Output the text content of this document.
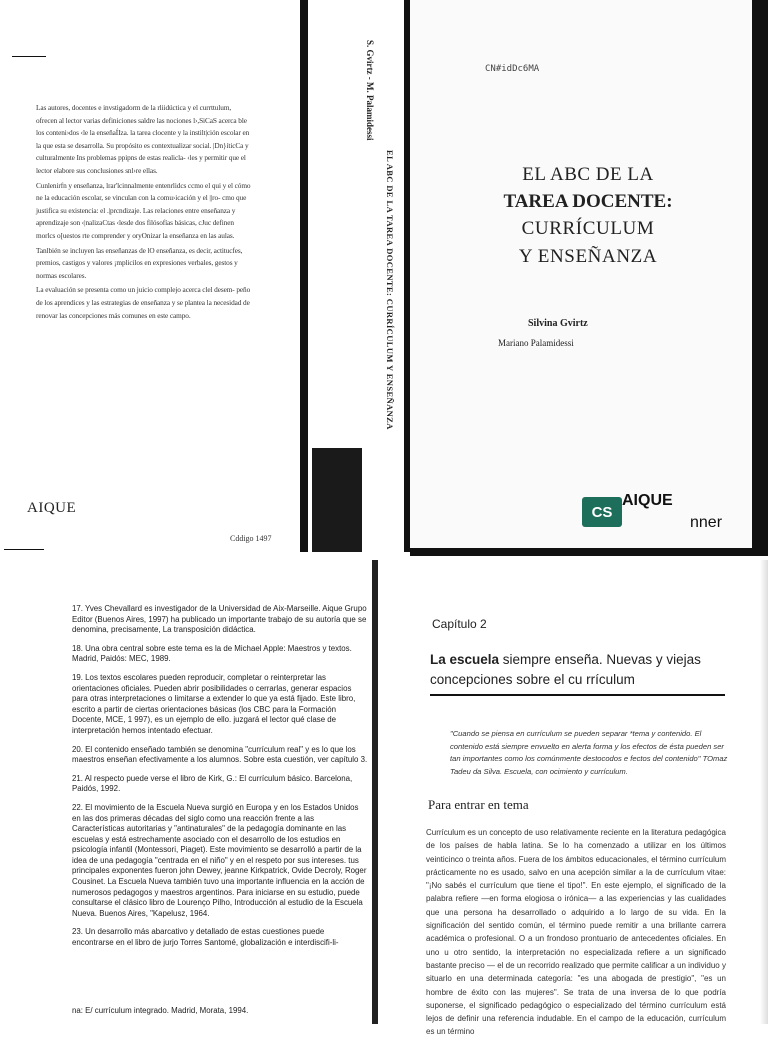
Las autores, docentes e invstigadorm de la rliidúctica y el currttulum, ofrecen al lector varias definiciones saldre las nociones l›,SiCaS acerca ble los conteni›dos ‹le la enseñaÍIza. la tarea clocente y la instilt|ción escolar en la que esta se desarrolla. Su propósito es contextualizar social. |Dn}íticCa y culturalmente Ins problemas ppipns de estas realicla- ‹les y permitir que el lector elabore sus conclusiones snl›re ellas.

Cunlenirfn y enseñanza, lrar'lcinnalmente entenrlidcs ccmo el qui y el cómo ne la educación escolar, se vinculan con la comu›icación y el ||ro- cmo que justifica su existencia: el .|prcndizaje. Las relaciones entre enseñanza y aprendizaje son ‹|nalizaCtas ‹lesde dos filósofías básicas, cJuc definen morlcs o[uestos rte comprender y oryOnizar la enseñanza en las aulas.

Tanlbién se incluyen las enseñanzas de lO enseñanza, es decir, actitucfes, premios, castigos y valores ¡mplicilos en expresiones verbales, gestos y normas escolares.

La evaluación se presenta como un juicio complejo acerca clel desem- peño de los aprendices y las estrategias de enseñanza y se plantea la necesidad de renovar las concepciones más comunes en este campo.

AIQUE
Cddigo 1497
S. Gvirtz - M. Palamidessi
EL ABC DE LA TAREA DOCENTE: CURRÍCULUM Y ENSEÑANZA
CN#idDc6MA
EL ABC DE LA
TAREA DOCENTE:
CURRÍCULUM
Y ENSEÑANZA
Silvina Gvirtz
Mariano Palamidessi
CS
AIQUE
nner

17. Yves Chevallard es investigador de la Universidad de Aix-Marseille. Aique Grupo Editor (Buenos Aires, 1997) ha publicado un importante trabajo de su autoría que se denomina, precisamente, La transposición didáctica.

18. Una obra central sobre este tema es la de Michael Apple: Maestros y textos. Madrid, Paidós: MEC, 1989.

19. Los textos escolares pueden reproducir, completar o reinterpretar las orientaciones oficiales. Pueden abrir posibilidades o cerrarlas, generar espacios para otras interpretaciones o limitarse a extender lo que ya está fijado. Este libro, escrito a partir de ciertas orientaciones básicas (los CBC para la Formación Docente, MCE, 1 997), es un ejemplo de ello. juzgará el lector qué clase de interpretación hemos intentado efectuar.

20. El contenido enseñado también se denomina "currículum real" y es lo que los maestros enseñan efectivamente a los alumnos. Sobre esta cuestión, ver capítulo 3.

21. Al respecto puede verse el libro de Kirk, G.: El currículum básico. Barcelona, Paidós, 1992.

22. El movimiento de la Escuela Nueva surgió en Europa y en los Estados Unidos en las dos primeras décadas del siglo como una reacción frente a las Características autoritarias y "antinaturales" de la pedagogía dominante en las escuelas y está estrechamente asociado con el desarrollo de los estudios en psicología infantil (Montessori, Piaget). Este movimiento se desarrolló a partir de la idea de una pedagogía "centrada en el niño" y en el respeto por sus intereses. tus principales exponentes fueron john Dewey, jeanne Kirkpatrick, Ovide Decroly, Roger Cousinet. La Escuela Nueva también tuvo una importante influencia en la acción de numerosos pedagogos y maestros argentinos. Para iniciarse en su estudio, puede consultarse el clásico libro de Lourenço Pilho, Introducción al estudio de la Escuela Nueva. Buenos Aires, "Kapelusz, 1964.

23. Un desarrollo más abarcativo y detallado de estas cuestiones puede encontrarse en el libro de jurjo Torres Santomé, globalización e interdiscifi-li-

na: E/ currículum integrado. Madrid, Morata, 1994.
Capítulo 2
La escuela siempre enseña. Nuevas y viejas concepciones sobre el cu rrículum
"Cuando se piensa en currículum se pueden separar *tema y contenido. El contenido está siempre envuelto en alerta forma y los efectos de ésta pueden ser tan importantes como los comúnmente destocodos e fectos del contenido" TOmaz Tadeu da Silva. Escuela, con ocimiento y currículum.
Para entrar en tema

Currículum es un concepto de uso relativamente reciente en la literatura pedagógica de los países de habla latina. Se lo ha comenzado a utilizar en los últimos veinticinco o treinta años. Fuera de los ámbitos educacionales, el término currículum prácticamente no es usado, salvo en una acepción similar a la de currículum vitae: "¡No sabés el currículum que tiene el tipo!". En este ejemplo, el significado de la palabra refiere —en forma elogiosa o irónica— a las experiencias y las cualidades que una persona ha desarrollado o adquirido a lo largo de su vida. En la significación del sentido común, el término puede remitir a una brillante carrera académica o profesional. O a un frondoso prontuario de antecedentes oficiales. En uno u otro sentido, la interpretación no especializada refiere a un significado bastante preciso — el de un recorrido realizado que permite calificar a un individuo y situarlo en una determinada categoría: "es una abogada de prestigio", "es un hombre de éxito con las mujeres". Se trata de una inversa de lo que podría suponerse, el significado pedagógico o especializado del término currículum está lejos de definir una referencia indudable. En el campo de la educación, currículum es un término
